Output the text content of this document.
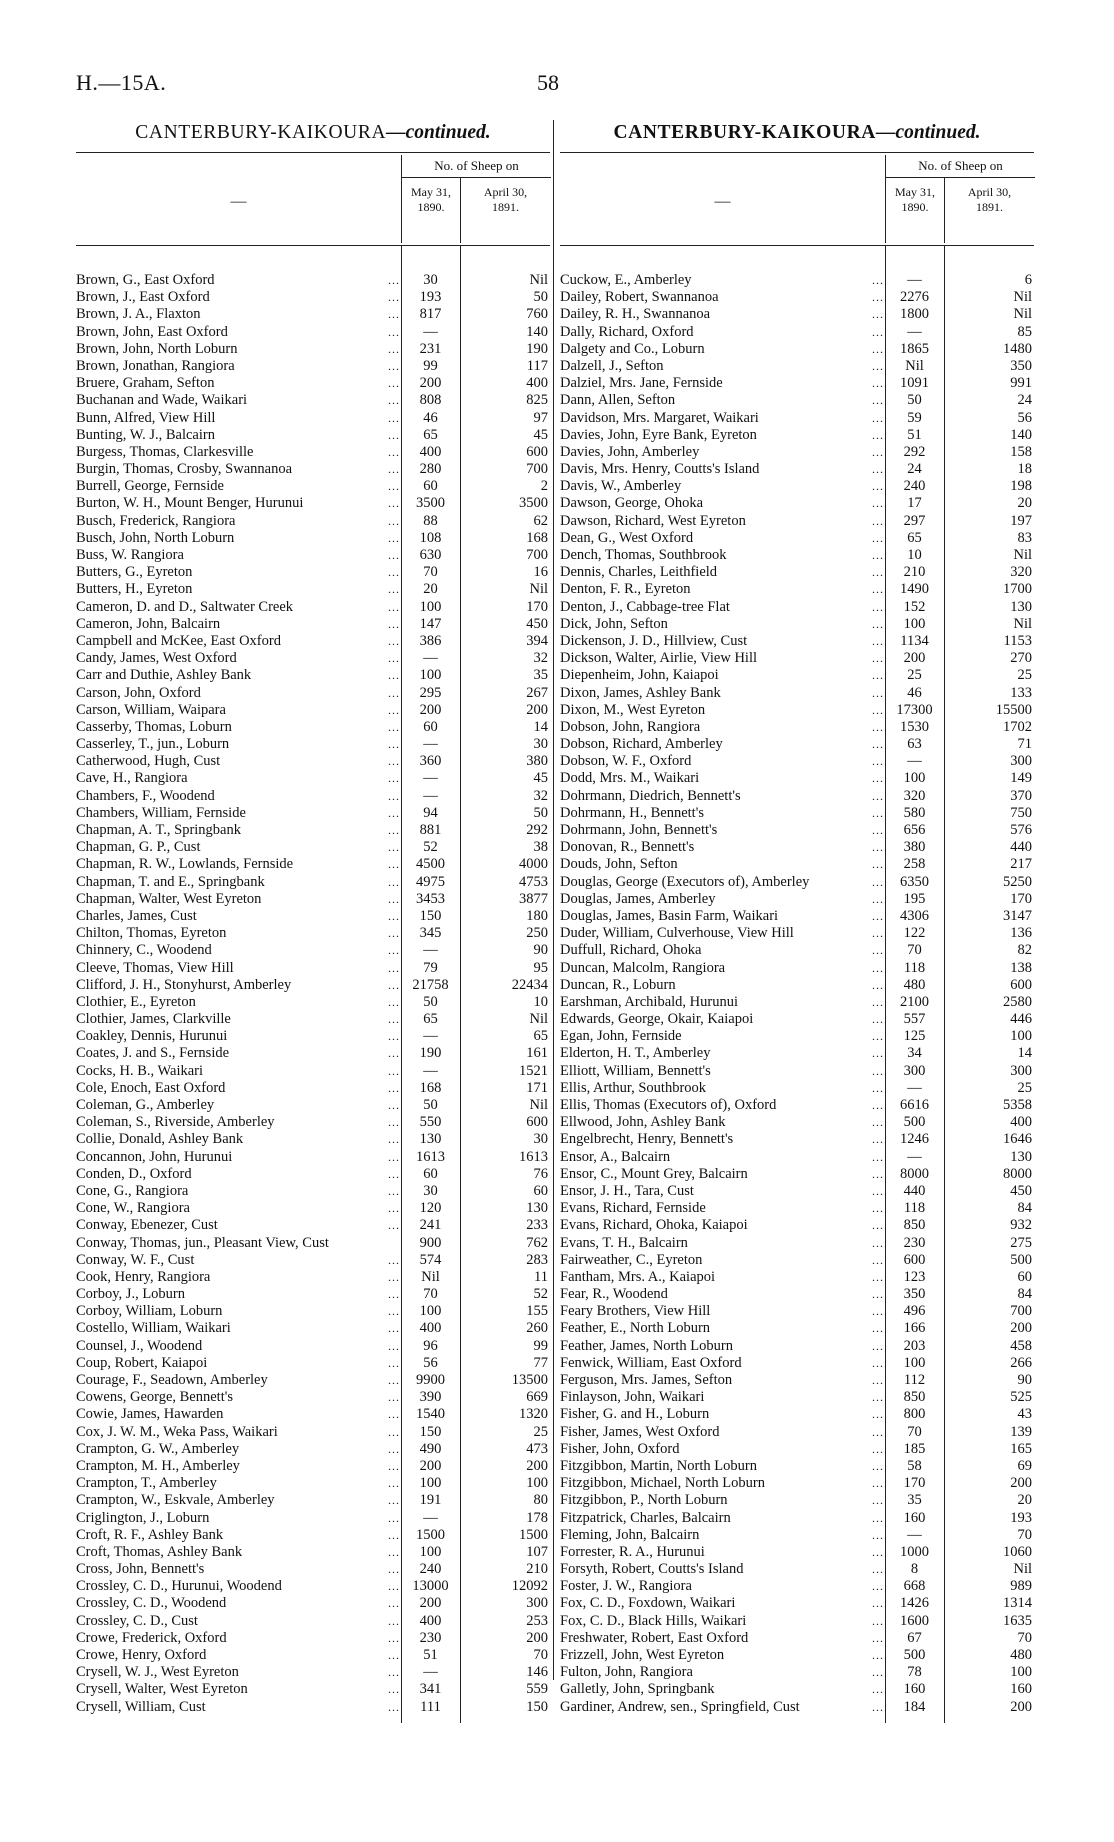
H.—15A.	58
CANTERBURY-KAIKOURA—continued.
—
No. of Sheep on
May 31,
1890.
April 30,
1891.
Brown, G., East Oxford	...	30	Nil
Brown, J., East Oxford	...	193	50
Brown, J. A., Flaxton	...	817	760
Brown, John, East Oxford	...	—	140
Brown, John, North Loburn	...	231	190
Brown, Jonathan, Rangiora	...	99	117
Bruere, Graham, Sefton	...	200	400
Buchanan and Wade, Waikari	...	808	825
Bunn, Alfred, View Hill	...	46	97
Bunting, W. J., Balcairn	...	65	45
Burgess, Thomas, Clarkesville	...	400	600
Burgin, Thomas, Crosby, Swannanoa	...	280	700
Burrell, George, Fernside	...	60	2
Burton, W. H., Mount Benger, Hurunui	...	3500	3500
Busch, Frederick, Rangiora	...	88	62
Busch, John, North Loburn	...	108	168
Buss, W. Rangiora	...	630	700
Butters, G., Eyreton	...	70	16
Butters, H., Eyreton	...	20	Nil
Cameron, D. and D., Saltwater Creek	...	100	170
Cameron, John, Balcairn	...	147	450
Campbell and McKee, East Oxford	...	386	394
Candy, James, West Oxford	...	—	32
Carr and Duthie, Ashley Bank	...	100	35
Carson, John, Oxford	...	295	267
Carson, William, Waipara	...	200	200
Casserby, Thomas, Loburn	...	60	14
Casserley, T., jun., Loburn	...	—	30
Catherwood, Hugh, Cust	...	360	380
Cave, H., Rangiora	...	—	45
Chambers, F., Woodend	...	—	32
Chambers, William, Fernside	...	94	50
Chapman, A. T., Springbank	...	881	292
Chapman, G. P., Cust	...	52	38
Chapman, R. W., Lowlands, Fernside	...	4500	4000
Chapman, T. and E., Springbank	...	4975	4753
Chapman, Walter, West Eyreton	...	3453	3877
Charles, James, Cust	...	150	180
Chilton, Thomas, Eyreton	...	345	250
Chinnery, C., Woodend	...	—	90
Cleeve, Thomas, View Hill	...	79	95
Clifford, J. H., Stonyhurst, Amberley	... 21758	22434
Clothier, E., Eyreton	...	50	10
Clothier, James, Clarkville	...	65	Nil
Coakley, Dennis, Hurunui	...	—	65
Coates, J. and S., Fernside	...	190	161
Cocks, H. B., Waikari	...	—	1521
Cole, Enoch, East Oxford	...	168	171
Coleman, G., Amberley	...	50	Nil
Coleman, S., Riverside, Amberley	...	550	600
Collie, Donald, Ashley Bank	...	130	30
Concannon, John, Hurunui	...	1613	1613
Conden, D., Oxford	...	60	76
Cone, G., Rangiora	...	30	60
Cone, W., Rangiora	...	120	130
Conway, Ebenezer, Cust	...	241	233
Conway, Thomas, jun., Pleasant View, Cust	900	762
Conway, W. F., Cust	...	574	283
Cook, Henry, Rangiora	...	Nil	11
Corboy, J., Loburn	...	70	52
Corboy, William, Loburn	...	100	155
Costello, William, Waikari	...	400	260
Counsel, J., Woodend	...	96	99
Coup, Robert, Kaiapoi	...	56	77
Courage, F., Seadown, Amberley	...	9900	13500
Cowens, George, Bennett's	...	390	669
Cowie, James, Hawarden	...	1540	1320
Cox, J. W. M., Weka Pass, Waikari	...	150	25
Crampton, G. W., Amberley	...	490	473
Crampton, M. H., Amberley	...	200	200
Crampton, T., Amberley	...	100	100
Crampton, W., Eskvale, Amberley	...	191	80
Criglington, J., Loburn	...	—	178
Croft, R. F., Ashley Bank	...	1500	1500
Croft, Thomas, Ashley Bank	...	100	107
Cross, John, Bennett's	...	240	210
Crossley, C. D., Hurunui, Woodend	... 13000	12092
Crossley, C. D., Woodend	...	200	300
Crossley, C. D., Cust	...	400	253
Crowe, Frederick, Oxford	...	230	200
Crowe, Henry, Oxford	...	51	70
Crysell, W. J., West Eyreton	...	—	146
Crysell, Walter, West Eyreton	...	341	559
Crysell, William, Cust	...	111	150
CANTERBURY-KAIKOURA—continued.
—
No. of Sheep on
May 31,
1890.
April 30,
1891.
Cuckow, E., Amberley	...	—	6
Dailey, Robert, Swannanoa	...	2276	Nil
Dailey, R. H., Swannanoa	...	1800	Nil
Dally, Richard, Oxford	...	—	85
Dalgety and Co., Loburn	...	1865	1480
Dalzell, J., Sefton	...	Nil	350
Dalziel, Mrs. Jane, Fernside	...	1091	991
Dann, Allen, Sefton	...	50	24
Davidson, Mrs. Margaret, Waikari	...	59	56
Davies, John, Eyre Bank, Eyreton	...	51	140
Davies, John, Amberley	...	292	158
Davis, Mrs. Henry, Coutts's Island	...	24	18
Davis, W., Amberley	...	240	198
Dawson, George, Ohoka	...	17	20
Dawson, Richard, West Eyreton	...	297	197
Dean, G., West Oxford	...	65	83
Dench, Thomas, Southbrook	...	10	Nil
Dennis, Charles, Leithfield	...	210	320
Denton, F. R., Eyreton	...	1490	1700
Denton, J., Cabbage-tree Flat	...	152	130
Dick, John, Sefton	...	100	Nil
Dickenson, J. D., Hillview, Cust	...	1134	1153
Dickson, Walter, Airlie, View Hill	...	200	270
Diepenheim, John, Kaiapoi	...	25	25
Dixon, James, Ashley Bank	...	46	133
Dixon, M., West Eyreton	... 17300	15500
Dobson, John, Rangiora	...	1530	1702
Dobson, Richard, Amberley	...	63	71
Dobson, W. F., Oxford	...	—	300
Dodd, Mrs. M., Waikari	...	100	149
Dohrmann, Diedrich, Bennett's	...	320	370
Dohrmann, H., Bennett's	...	580	750
Dohrmann, John, Bennett's	...	656	576
Donovan, R., Bennett's	...	380	440
Douds, John, Sefton	...	258	217
Douglas, George (Executors of), Amberley	...	6350	5250
Douglas, James, Amberley	...	195	170
Douglas, James, Basin Farm, Waikari	...	4306	3147
Duder, William, Culverhouse, View Hill	...	122	136
Duffull, Richard, Ohoka	...	70	82
Duncan, Malcolm, Rangiora	...	118	138
Duncan, R., Loburn	...	480	600
Earshman, Archibald, Hurunui	...	2100	2580
Edwards, George, Okair, Kaiapoi	...	557	446
Egan, John, Fernside	...	125	100
Elderton, H. T., Amberley	...	34	14
Elliott, William, Bennett's	...	300	300
Ellis, Arthur, Southbrook	...	—	25
Ellis, Thomas (Executors of), Oxford	...	6616	5358
Ellwood, John, Ashley Bank	...	500	400
Engelbrecht, Henry, Bennett's	...	1246	1646
Ensor, A., Balcairn	...	—	130
Ensor, C., Mount Grey, Balcairn	...	8000	8000
Ensor, J. H., Tara, Cust	...	440	450
Evans, Richard, Fernside	...	118	84
Evans, Richard, Ohoka, Kaiapoi	...	850	932
Evans, T. H., Balcairn	...	230	275
Fairweather, C., Eyreton	...	600	500
Fantham, Mrs. A., Kaiapoi	...	123	60
Fear, R., Woodend	...	350	84
Feary Brothers, View Hill	...	496	700
Feather, E., North Loburn	...	166	200
Feather, James, North Loburn	...	203	458
Fenwick, William, East Oxford	...	100	266
Ferguson, Mrs. James, Sefton	...	112	90
Finlayson, John, Waikari	...	850	525
Fisher, G. and H., Loburn	...	800	43
Fisher, James, West Oxford	...	70	139
Fisher, John, Oxford	...	185	165
Fitzgibbon, Martin, North Loburn	...	58	69
Fitzgibbon, Michael, North Loburn	...	170	200
Fitzgibbon, P., North Loburn	...	35	20
Fitzpatrick, Charles, Balcairn	...	160	193
Fleming, John, Balcairn	...	—	70
Forrester, R. A., Hurunui	...	1000	1060
Forsyth, Robert, Coutts's Island	...	8	Nil
Foster, J. W., Rangiora	...	668	989
Fox, C. D., Foxdown, Waikari	...	1426	1314
Fox, C. D., Black Hills, Waikari	...	1600	1635
Freshwater, Robert, East Oxford	...	67	70
Frizzell, John, West Eyreton	...	500	480
Fulton, John, Rangiora	...	78	100
Galletly, John, Springbank	...	160	160
Gardiner, Andrew, sen., Springfield, Cust	...	184	200
